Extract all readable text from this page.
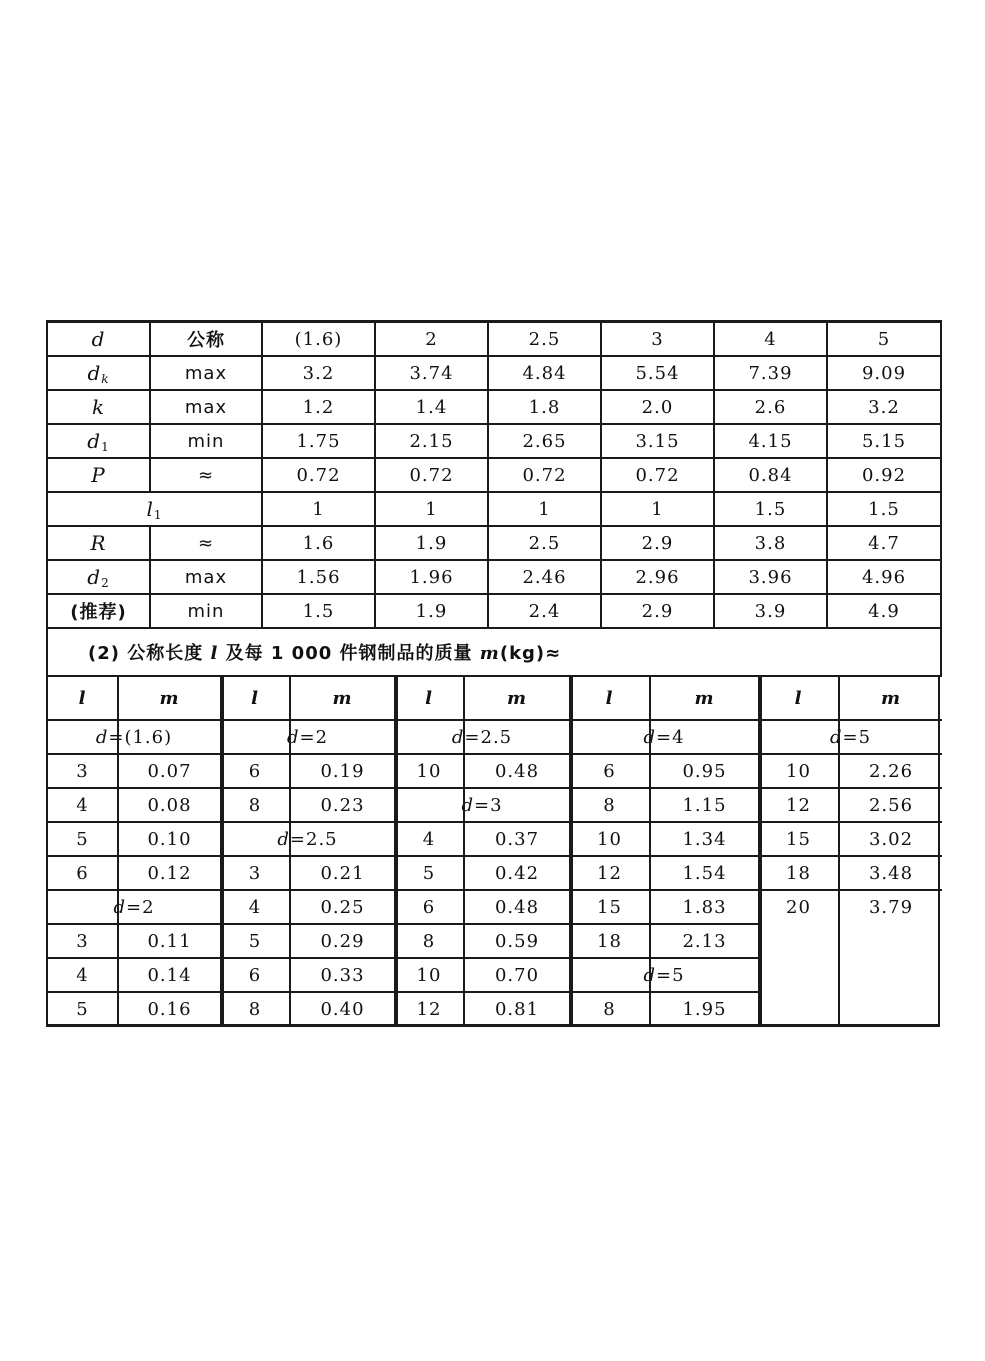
d	公称	(1.6)	2	2.5	3	4	5
$d_k$	max	3.2	3.74	4.84	5.54	7.39	9.09
k	max	1.2	1.4	1.8	2.0	2.6	3.2
d1	min	1.75	2.15	2.65	3.15	4.15	5.15
P	≈	0.72	0.72	0.72	0.72	0.84	0.92
l1		1	1	1	1	1.5	1.5
R	≈	1.6	1.9	2.5	2.9	3.8	4.7
d2	max	1.56	1.96	2.46	2.96	3.96	4.96
(推荐)	min	1.5	1.9	2.4	2.9	3.9	4.9
(2) 公称长度 l 及每 1 000 件钢制品的质量 m(kg)≈							
l	m
d=(1.6)	
3	0.07
4	0.08
5	0.10
6	0.12
d=2	
3	0.11
4	0.14
5	0.16
l	m
d=2	
6	0.19
8	0.23
d=2.5	
3	0.21
4	0.25
5	0.29
6	0.33
8	0.40
l	m
d=2.5	
10	0.48
d=3	
4	0.37
5	0.42
6	0.48
8	0.59
10	0.70
12	0.81
l	m
d=4	
6	0.95
8	1.15
10	1.34
12	1.54
15	1.83
18	2.13
d=5	
8	1.95
l	m
d=5	
10	2.26
12	2.56
15	3.02
18	3.48
20	3.79
